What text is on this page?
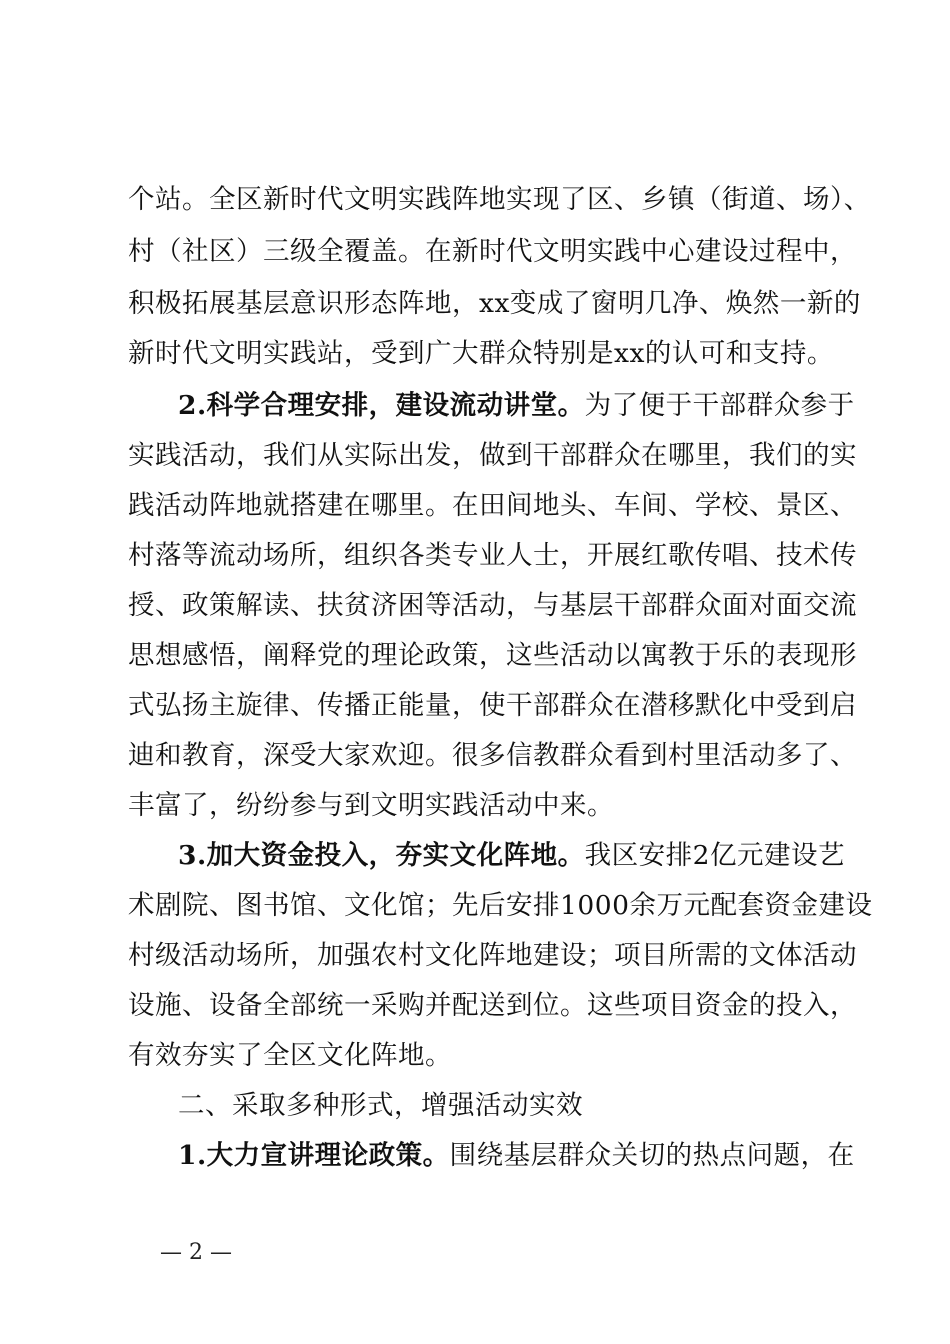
个站。全区新时代文明实践阵地实现了区、乡镇（街道、场）、
村（社区）三级全覆盖。在新时代文明实践中心建设过程中，
积极拓展基层意识形态阵地，xx变成了窗明几净、焕然一新的
新时代文明实践站，受到广大群众特别是xx的认可和支持。
2.科学合理安排，建设流动讲堂。为了便于干部群众参于
实践活动，我们从实际出发，做到干部群众在哪里，我们的实
践活动阵地就搭建在哪里。在田间地头、车间、学校、景区、
村落等流动场所，组织各类专业人士，开展红歌传唱、技术传
授、政策解读、扶贫济困等活动，与基层干部群众面对面交流
思想感悟，阐释党的理论政策，这些活动以寓教于乐的表现形
式弘扬主旋律、传播正能量，使干部群众在潜移默化中受到启
迪和教育，深受大家欢迎。很多信教群众看到村里活动多了、
丰富了，纷纷参与到文明实践活动中来。
3.加大资金投入，夯实文化阵地。我区安排2亿元建设艺
术剧院、图书馆、文化馆；先后安排1000余万元配套资金建设
村级活动场所，加强农村文化阵地建设；项目所需的文体活动
设施、设备全部统一采购并配送到位。这些项目资金的投入，
有效夯实了全区文化阵地。
二、采取多种形式，增强活动实效
1.大力宣讲理论政策。围绕基层群众关切的热点问题，在
— 2 —
